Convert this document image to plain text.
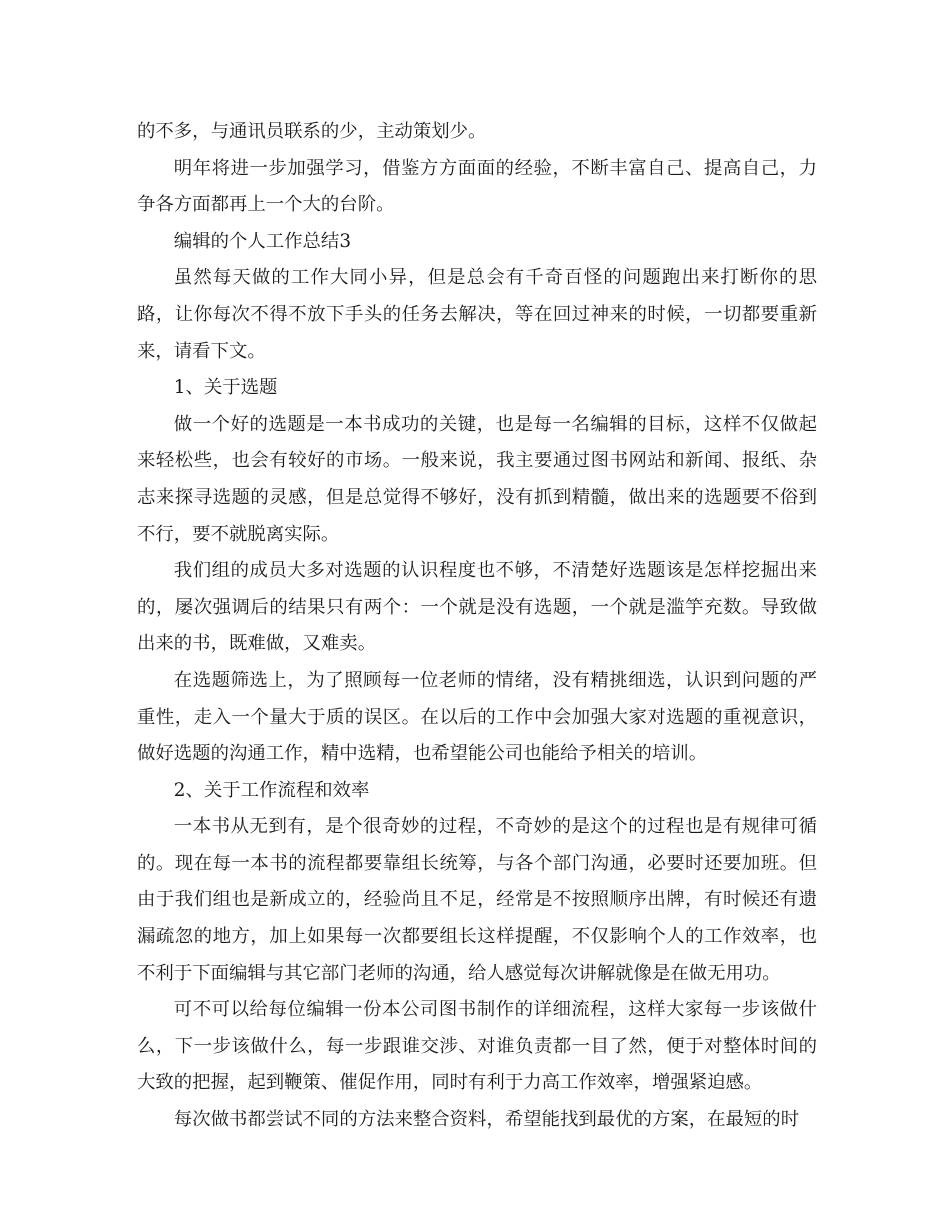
的不多，与通讯员联系的少，主动策划少。

明年将进一步加强学习，借鉴方方面面的经验，不断丰富自己、提高自己，力争各方面都再上一个大的台阶。

编辑的个人工作总结3

虽然每天做的工作大同小异，但是总会有千奇百怪的问题跑出来打断你的思路，让你每次不得不放下手头的任务去解决，等在回过神来的时候，一切都要重新来，请看下文。

1、关于选题

做一个好的选题是一本书成功的关键，也是每一名编辑的目标，这样不仅做起来轻松些，也会有较好的市场。一般来说，我主要通过图书网站和新闻、报纸、杂志来探寻选题的灵感，但是总觉得不够好，没有抓到精髓，做出来的选题要不俗到不行，要不就脱离实际。

我们组的成员大多对选题的认识程度也不够，不清楚好选题该是怎样挖掘出来的，屡次强调后的结果只有两个：一个就是没有选题，一个就是滥竽充数。导致做出来的书，既难做，又难卖。

在选题筛选上，为了照顾每一位老师的情绪，没有精挑细选，认识到问题的严重性，走入一个量大于质的误区。在以后的工作中会加强大家对选题的重视意识，做好选题的沟通工作，精中选精，也希望能公司也能给予相关的培训。

2、关于工作流程和效率

一本书从无到有，是个很奇妙的过程，不奇妙的是这个的过程也是有规律可循的。现在每一本书的流程都要靠组长统筹，与各个部门沟通，必要时还要加班。但由于我们组也是新成立的，经验尚且不足，经常是不按照顺序出牌，有时候还有遗漏疏忽的地方，加上如果每一次都要组长这样提醒，不仅影响个人的工作效率，也不利于下面编辑与其它部门老师的沟通，给人感觉每次讲解就像是在做无用功。

可不可以给每位编辑一份本公司图书制作的详细流程，这样大家每一步该做什么，下一步该做什么，每一步跟谁交涉、对谁负责都一目了然，便于对整体时间的大致的把握，起到鞭策、催促作用，同时有利于力高工作效率，增强紧迫感。

每次做书都尝试不同的方法来整合资料，希望能找到最优的方案，在最短的时
